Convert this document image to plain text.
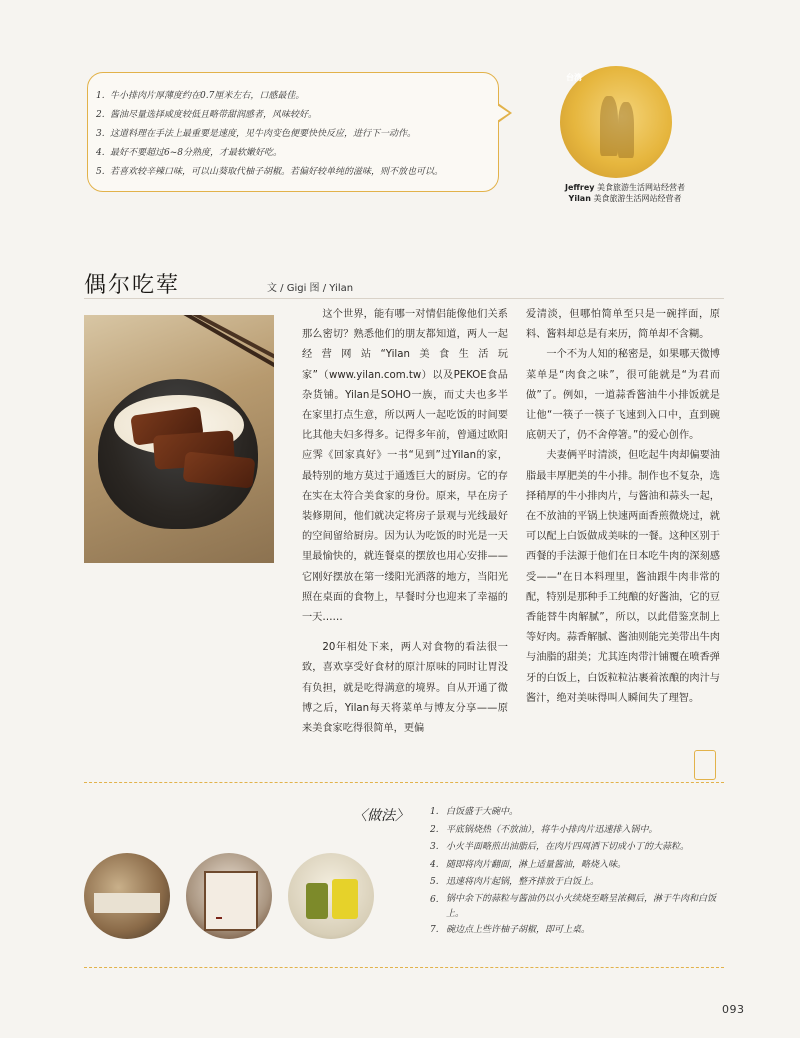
1. 牛小排肉片厚薄度约在0.7厘米左右，口感最佳。
2. 酱油尽量选择咸度较低且略带甜润感者，风味较好。
3. 这道料理在手法上最重要是速度，见牛肉变色便要快快反应，进行下一动作。
4. 最好不要超过6~8分熟度，才最软嫩好吃。
5. 若喜欢较辛辣口味，可以山葵取代柚子胡椒。若偏好较单纯的滋味，则不放也可以。
台湾
Jeffrey 美食旅游生活网站经营者
Yilan 美食旅游生活网站经营者
偶尔吃荤	文 / Gigi 图 / Yilan

这个世界，能有哪一对情侣能像他们关系那么密切？熟悉他们的朋友都知道，两人一起经营网站“Yilan美食生活玩家”（www.yilan.com.tw）以及PEKOE食品杂货铺。Yilan是SOHO一族，而丈夫也多半在家里打点生意，所以两人一起吃饭的时间要比其他夫妇多得多。记得多年前，曾通过欧阳应霁《回家真好》一书“见到”过Yilan的家，最特别的地方莫过于通透巨大的厨房。它的存在实在太符合美食家的身份。原来，早在房子装修期间，他们就决定将房子景观与光线最好的空间留给厨房。因为认为吃饭的时光是一天里最愉快的，就连餐桌的摆放也用心安排——它刚好摆放在第一缕阳光洒落的地方，当阳光照在桌面的食物上，早餐时分也迎来了幸福的一天……

20年相处下来，两人对食物的看法很一致，喜欢享受好食材的原汁原味的同时让胃没有负担，就是吃得满意的境界。自从开通了微博之后，Yilan每天将菜单与博友分享——原来美食家吃得很简单，更偏

爱清淡，但哪怕简单至只是一碗拌面，原料、酱料却总是有来历，简单却不含糊。

一个不为人知的秘密是，如果哪天微博菜单是“肉食之味”，很可能就是“为君而做”了。例如，一道蒜香酱油牛小排饭就是让他“一筷子一筷子飞速到入口中，直到碗底朝天了，仍不舍停箸。”的爱心创作。

夫妻俩平时清淡，但吃起牛肉却偏要油脂最丰厚肥美的牛小排。制作也不复杂，选择稍厚的牛小排肉片，与酱油和蒜头一起，在不放油的平锅上快速两面香煎微烧过，就可以配上白饭做成美味的一餐。这种区别于西餐的手法源于他们在日本吃牛肉的深刻感受——“在日本料理里，酱油跟牛肉非常的配，特别是那种手工纯酿的好酱油，它的豆香能替牛肉解腻”，所以，以此借鉴烹制上等好肉。蒜香解腻、酱油则能完美带出牛肉与油脂的甜美；尤其连肉带汁铺覆在喷香弹牙的白饭上，白饭粒粒沾裹着浓酿的肉汁与酱汁，绝对美味得叫人瞬间失了理智。

〈做法〉 1. 白饭盛于大碗中。
2. 平底锅烧热（不放油），将牛小排肉片迅速排入锅中。
3. 小火半面略煎出油脂后，在肉片四周洒下切成小丁的大蒜粒。
4. 随即将肉片翻面，淋上适量酱油，略烧入味。
5. 迅速将肉片起锅，整齐排放于白饭上。
6. 锅中余下的蒜粒与酱油仍以小火续烧至略呈浓稠后，淋于牛肉和白饭上。
7. 碗边点上些许柚子胡椒，即可上桌。
093
